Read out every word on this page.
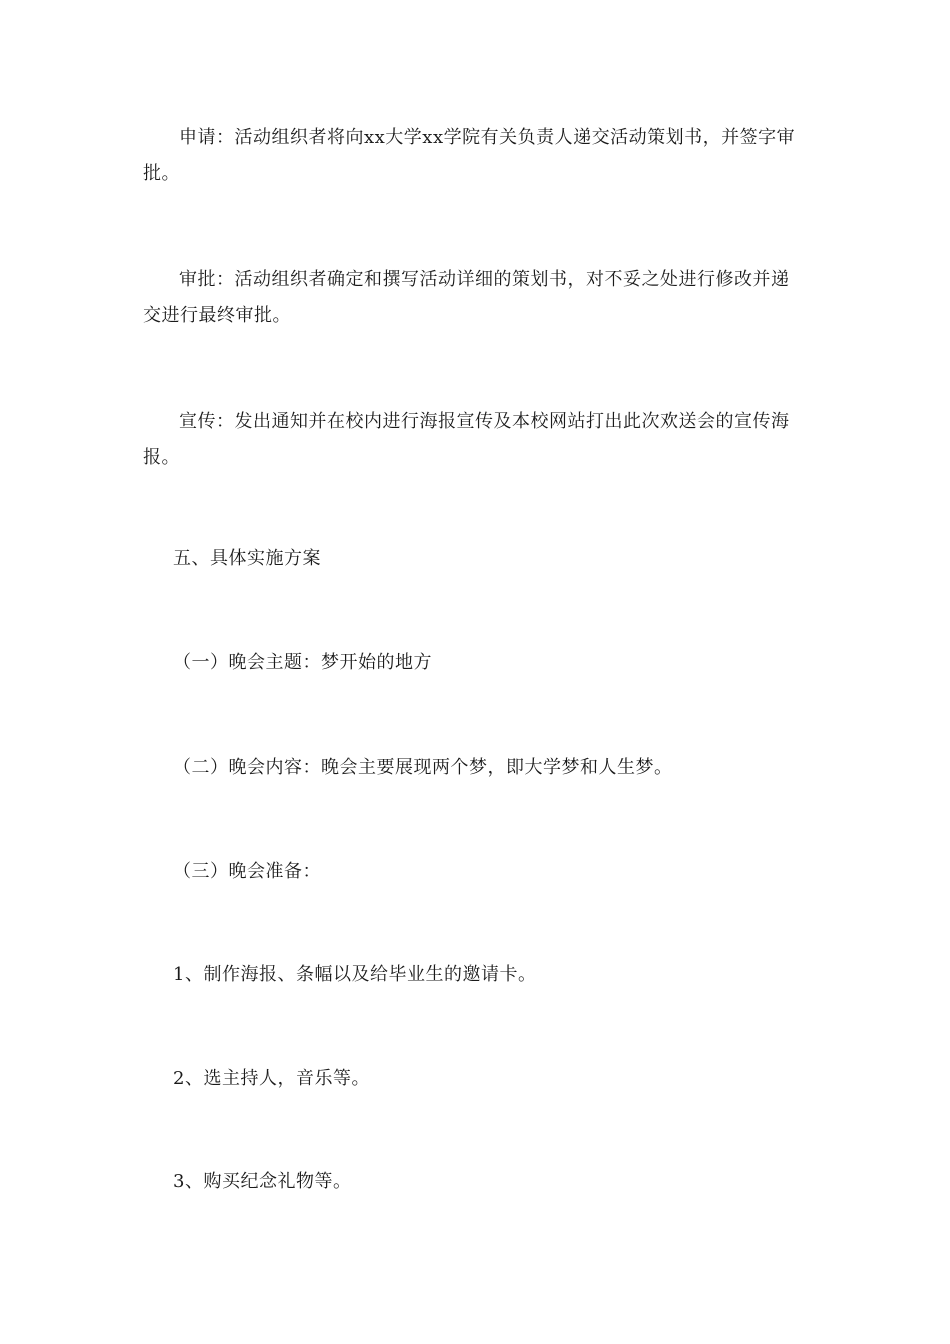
申请：活动组织者将向xx大学xx学院有关负责人递交活动策划书，并签字审批。

审批：活动组织者确定和撰写活动详细的策划书，对不妥之处进行修改并递交进行最终审批。

宣传：发出通知并在校内进行海报宣传及本校网站打出此次欢送会的宣传海报。

五、具体实施方案

（一）晚会主题：梦开始的地方

（二）晚会内容：晚会主要展现两个梦，即大学梦和人生梦。

（三）晚会准备：

1、制作海报、条幅以及给毕业生的邀请卡。

2、选主持人，音乐等。

3、购买纪念礼物等。
